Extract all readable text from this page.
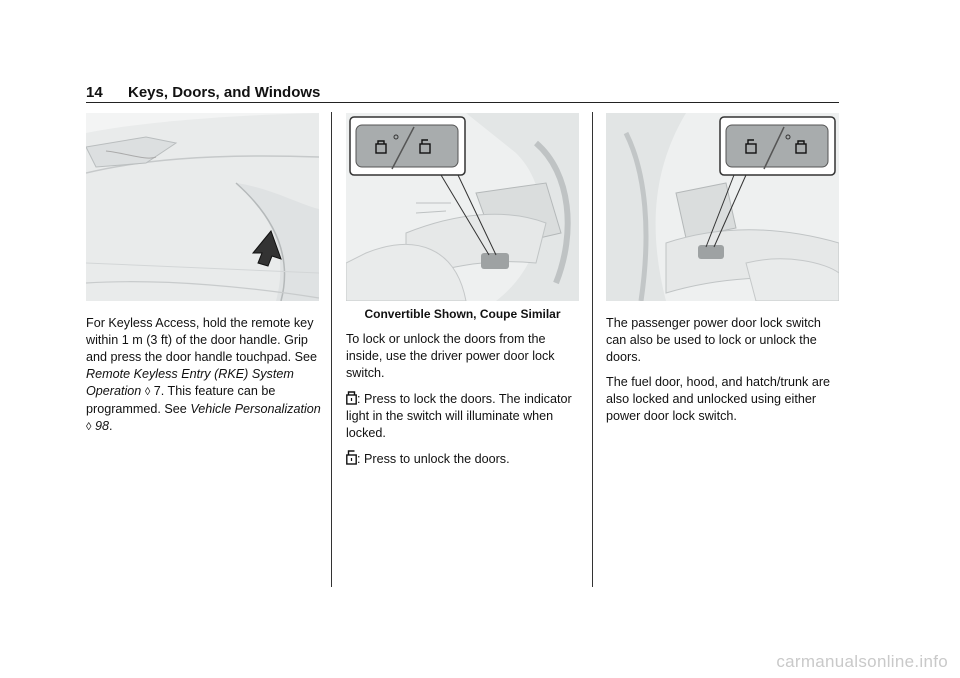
14 Keys, Doors, and Windows

For Keyless Access, hold the remote key within 1 m (3 ft) of the door handle. Grip and press the door handle touchpad. See Remote Keyless Entry (RKE) System Operation ◊ 7. This feature can be programmed. See Vehicle Personalization ◊ 98.

Convertible Shown, Coupe Similar

To lock or unlock the doors from the inside, use the driver power door lock switch.

: Press to lock the doors. The indicator light in the switch will illuminate when locked.

: Press to unlock the doors.

The passenger power door lock switch can also be used to lock or unlock the doors.

The fuel door, hood, and hatch/trunk are also locked and unlocked using either power door lock switch.

carmanualsonline.info
